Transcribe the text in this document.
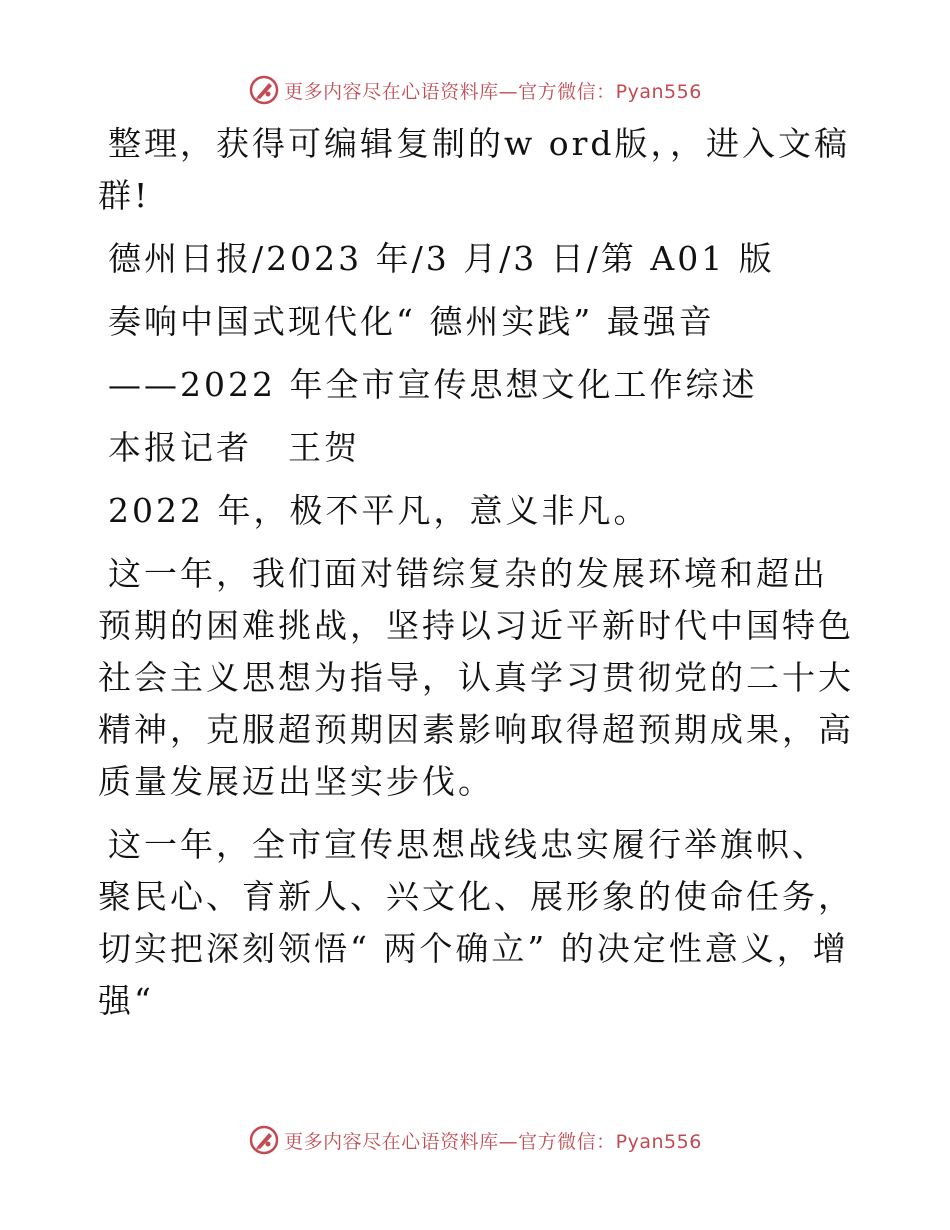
更多内容尽在心语资料库—官方微信：Pyan556

整理，获得可编辑复制的w ord版，，进入文稿群!

德州日报/2023 年/3 月/3 日/第 A01 版

奏响中国式现代化“ 德州实践” 最强音

——2022 年全市宣传思想文化工作综述

本报记者　王贺

2022 年，极不平凡，意义非凡。

这一年，我们面对错综复杂的发展环境和超出预期的困难挑战，坚持以习近平新时代中国特色社会主义思想为指导，认真学习贯彻党的二十大精神，克服超预期因素影响取得超预期成果，高质量发展迈出坚实步伐。

这一年，全市宣传思想战线忠实履行举旗帜、聚民心、育新人、兴文化、展形象的使命任务，切实把深刻领悟“ 两个确立” 的决定性意义，增强“

更多内容尽在心语资料库—官方微信：Pyan556
